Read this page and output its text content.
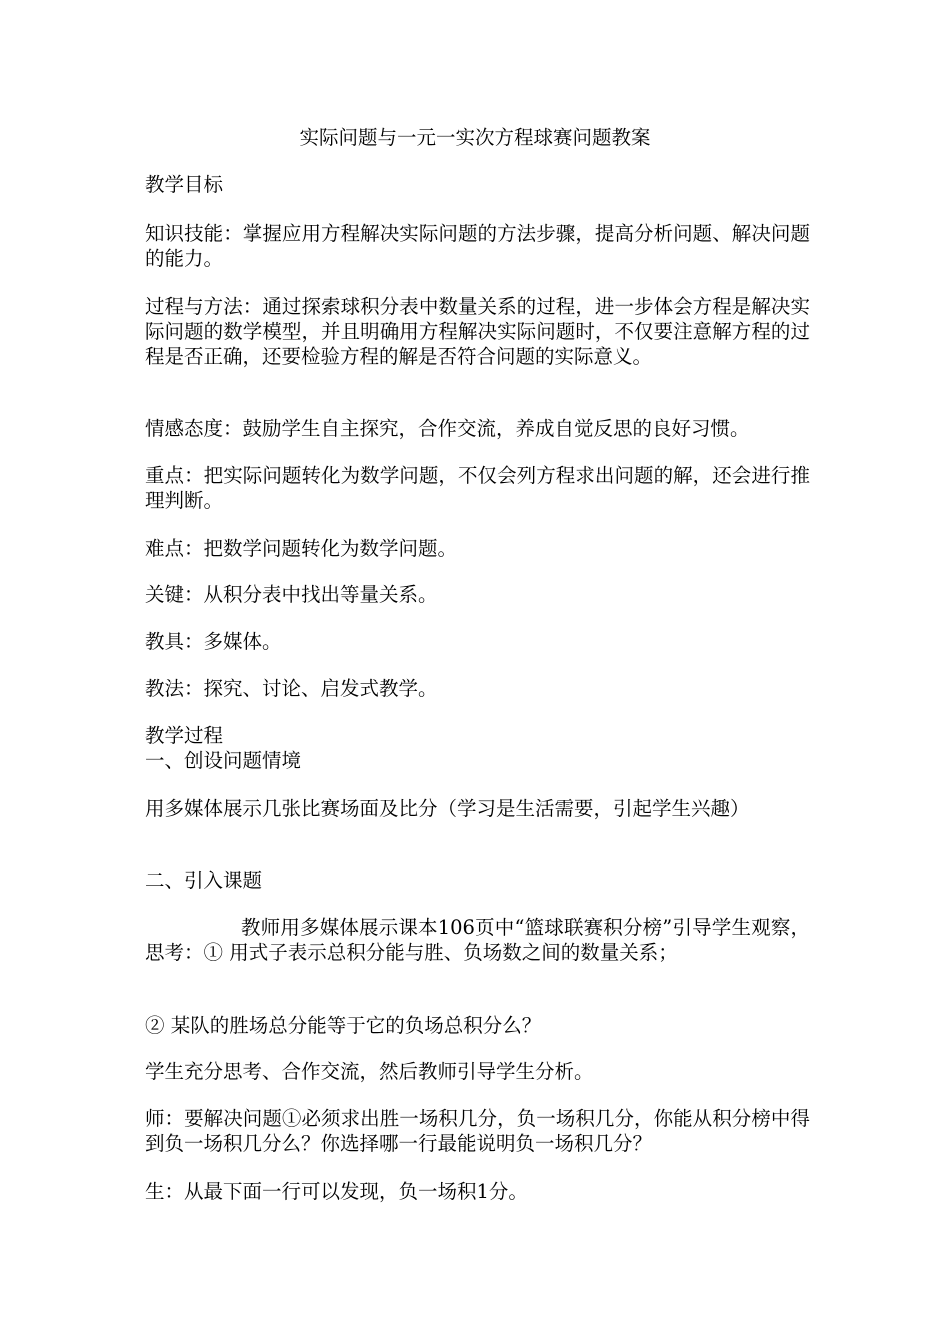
实际问题与一元一实次方程球赛问题教案

教学目标

知识技能：掌握应用方程解决实际问题的方法步骤，提高分析问题、解决问题的能力。

过程与方法：通过探索球积分表中数量关系的过程，进一步体会方程是解决实际问题的数学模型，并且明确用方程解决实际问题时，不仅要注意解方程的过程是否正确，还要检验方程的解是否符合问题的实际意义。

情感态度：鼓励学生自主探究，合作交流，养成自觉反思的良好习惯。

重点：把实际问题转化为数学问题，不仅会列方程求出问题的解，还会进行推理判断。

难点：把数学问题转化为数学问题。

关键：从积分表中找出等量关系。

教具：多媒体。

教法：探究、讨论、启发式教学。

教学过程

一、创设问题情境

用多媒体展示几张比赛场面及比分（学习是生活需要，引起学生兴趣）

二、引入课题

教师用多媒体展示课本106页中“篮球联赛积分榜”引导学生观察，思考：① 用式子表示总积分能与胜、负场数之间的数量关系；

② 某队的胜场总分能等于它的负场总积分么？

学生充分思考、合作交流，然后教师引导学生分析。

师：要解决问题①必须求出胜一场积几分，负一场积几分，你能从积分榜中得到负一场积几分么？你选择哪一行最能说明负一场积几分？

生：从最下面一行可以发现，负一场积1分。
